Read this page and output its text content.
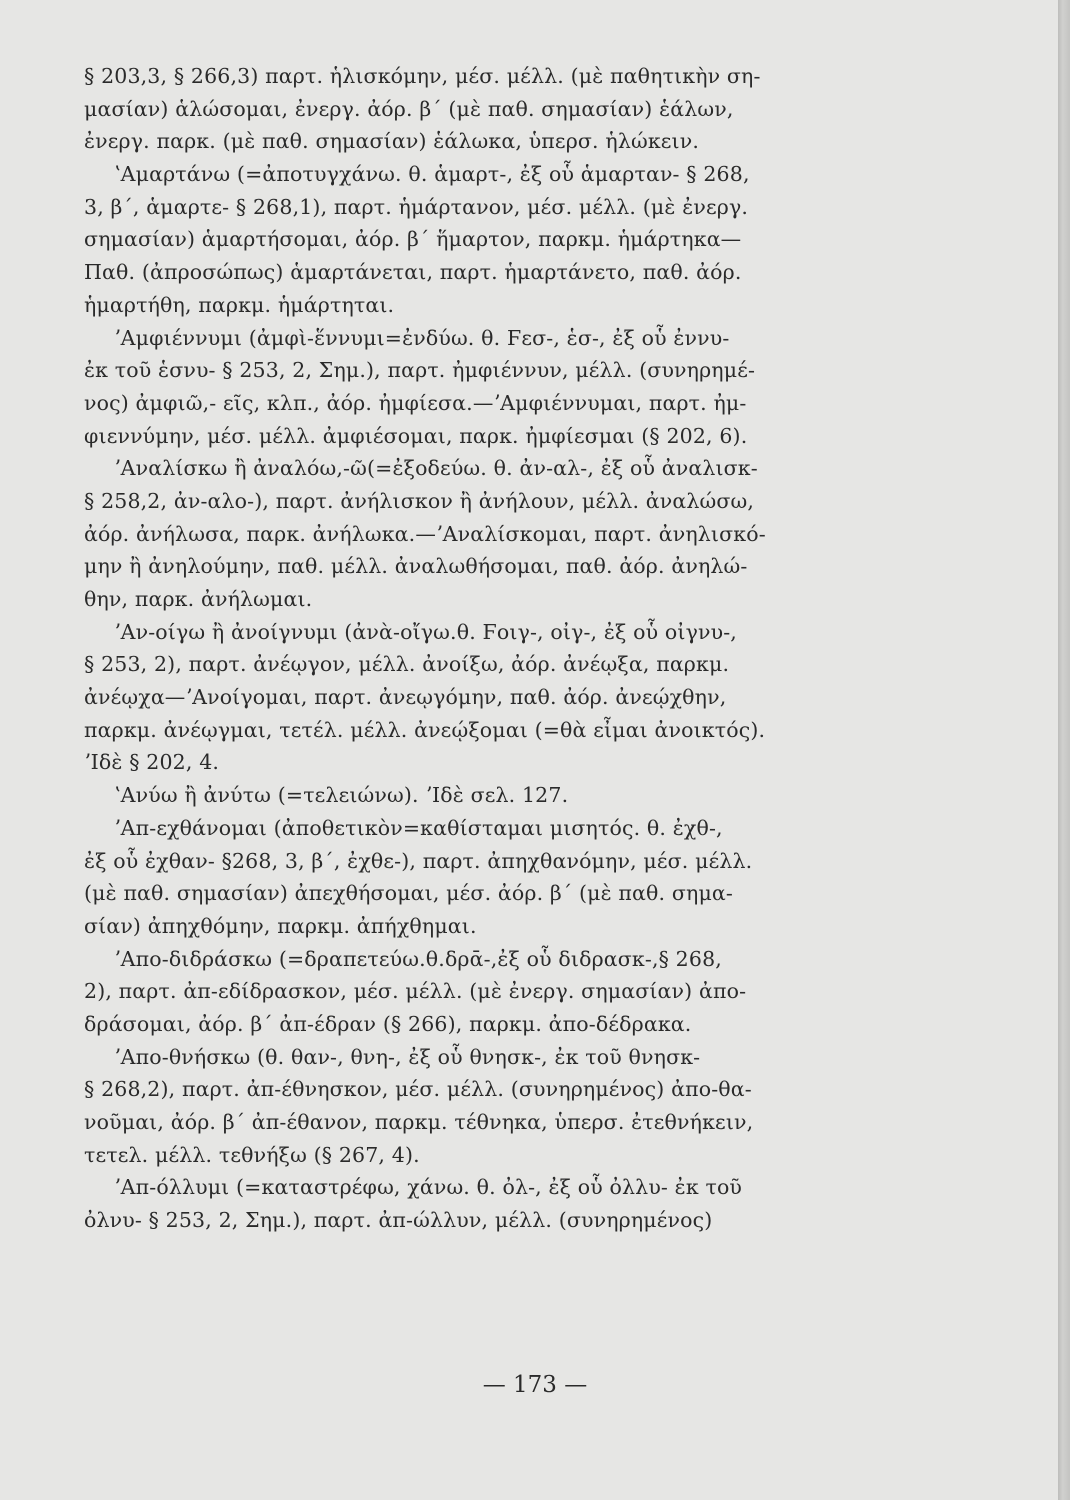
§ 203,3, § 266,3) παρτ. ἡλισκόμην, μέσ. μέλλ. (μὲ παθητικὴν ση-
μασίαν) ἁλώσομαι, ἐνεργ. ἀόρ. β΄ (μὲ παθ. σημασίαν) ἑάλων,
ἐνεργ. παρκ. (μὲ παθ. σημασίαν) ἑάλωκα, ὑπερσ. ἡλώκειν.
ʽΑμαρτάνω (=ἀποτυγχάνω. θ. ἁμαρτ-, ἐξ οὗ ἁμαρταν- § 268,
3, β΄, ἁμαρτε- § 268,1), παρτ. ἡμάρτανον, μέσ. μέλλ. (μὲ ἐνεργ.
σημασίαν) ἁμαρτήσομαι, ἀόρ. β΄ ἥμαρτον, παρκμ. ἡμάρτηκα—
Παθ. (ἀπροσώπως) ἁμαρτάνεται, παρτ. ἡμαρτάνετο, παθ. ἀόρ.
ἡμαρτήθη, παρκμ. ἡμάρτηται.
ʼΑμφιέννυμι (ἀμφὶ-ἕννυμι=ἐνδύω. θ. Ϝεσ-, ἑσ-, ἐξ οὗ ἐννυ-
ἐκ τοῦ ἑσνυ- § 253, 2, Σημ.), παρτ. ἠμφιέννυν, μέλλ. (συνηρημέ-
νος) ἀμφιῶ,- εῖς, κλπ., ἀόρ. ἠμφίεσα.—ʼΑμφιέννυμαι, παρτ. ἠμ-
φιεννύμην, μέσ. μέλλ. ἀμφιέσομαι, παρκ. ἠμφίεσμαι (§ 202, 6).
ʼΑναλίσκω ἢ ἀναλόω,-ῶ(=ἐξοδεύω. θ. ἀν-αλ-, ἐξ οὗ ἀναλισκ-
§ 258,2, ἀν-αλο-), παρτ. ἀνήλισκον ἢ ἀνήλουν, μέλλ. ἀναλώσω,
ἀόρ. ἀνήλωσα, παρκ. ἀνήλωκα.—ʼΑναλίσκομαι, παρτ. ἀνηλισκό-
μην ἢ ἀνηλούμην, παθ. μέλλ. ἀναλωθήσομαι, παθ. ἀόρ. ἀνηλώ-
θην, παρκ. ἀνήλωμαι.
ʼΑν-οίγω ἢ ἀνοίγνυμι (ἀνὰ-οἴγω.θ. Ϝοιγ-, οἰγ-, ἐξ οὗ οἰγνυ-,
§ 253, 2), παρτ. ἀνέῳγον, μέλλ. ἀνοίξω, ἀόρ. ἀνέῳξα, παρκμ.
ἀνέῳχα—ʼΑνοίγομαι, παρτ. ἀνεῳγόμην, παθ. ἀόρ. ἀνεῴχθην,
παρκμ. ἀνέῳγμαι, τετέλ. μέλλ. ἀνεῴξομαι (=θὰ εἶμαι ἀνοικτός).
ʼΙδὲ § 202, 4.
ʽΑνύω ἢ ἀνύτω (=τελειώνω). ʼΙδὲ σελ. 127.
ʼΑπ-εχθάνομαι (ἀποθετικὸν=καθίσταμαι μισητός. θ. ἐχθ-,
ἐξ οὗ ἐχθαν- §268, 3, β΄, ἐχθε-), παρτ. ἀπηχθανόμην, μέσ. μέλλ.
(μὲ παθ. σημασίαν) ἀπεχθήσομαι, μέσ. ἀόρ. β΄ (μὲ παθ. σημα-
σίαν) ἀπηχθόμην, παρκμ. ἀπήχθημαι.
ʼΑπο-διδράσκω (=δραπετεύω.θ.δρᾱ-,ἐξ οὗ διδρασκ-,§ 268,
2), παρτ. ἀπ-εδίδρασκον, μέσ. μέλλ. (μὲ ἐνεργ. σημασίαν) ἀπο-
δράσομαι, ἀόρ. β΄ ἀπ-έδραν (§ 266), παρκμ. ἀπο-δέδρακα.
ʼΑπο-θνήσκω (θ. θαν-, θνη-, ἐξ οὗ θνησκ-, ἐκ τοῦ θνησκ-
§ 268,2), παρτ. ἀπ-έθνησκον, μέσ. μέλλ. (συνηρημένος) ἀπο-θα-
νοῦμαι, ἀόρ. β΄ ἀπ-έθανον, παρκμ. τέθνηκα, ὑπερσ. ἐτεθνήκειν,
τετελ. μέλλ. τεθνήξω (§ 267, 4).
ʼΑπ-όλλυμι (=καταστρέφω, χάνω. θ. ὀλ-, ἐξ οὗ ὀλλυ- ἐκ τοῦ
ὀλνυ- § 253, 2, Σημ.), παρτ. ἀπ-ώλλυν, μέλλ. (συνηρημένος)
— 173 —
